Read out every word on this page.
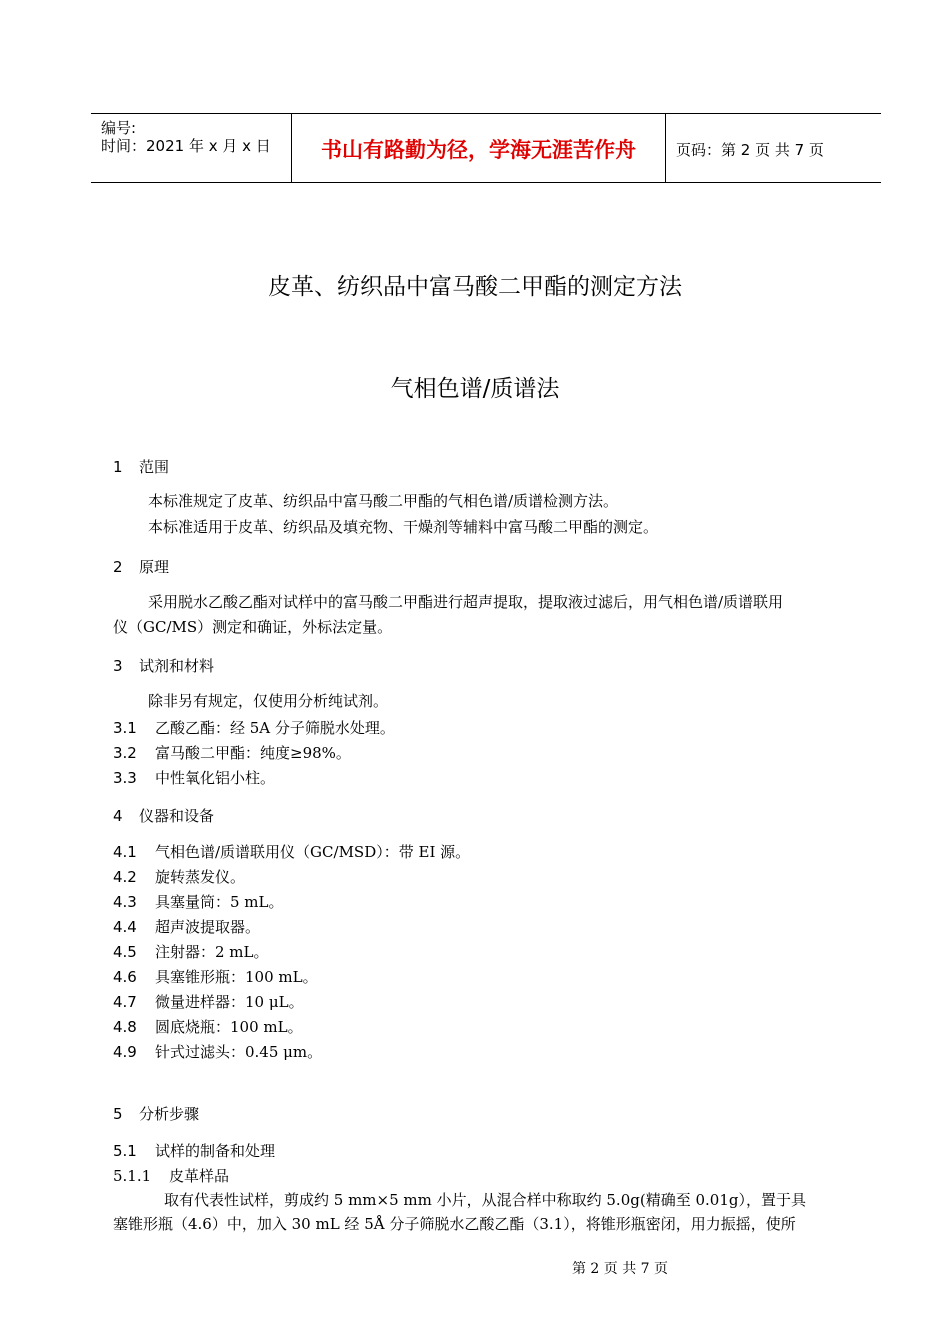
编号:
时间：2021 年 x 月 x 日	书山有路勤为径，学海无涯苦作舟	页码：第 2 页 共 7 页
皮革、纺织品中富马酸二甲酯的测定方法
气相色谱/质谱法
1 范围
本标准规定了皮革、纺织品中富马酸二甲酯的气相色谱/质谱检测方法。
本标准适用于皮革、纺织品及填充物、干燥剂等辅料中富马酸二甲酯的测定。
2 原理
采用脱水乙酸乙酯对试样中的富马酸二甲酯进行超声提取，提取液过滤后，用气相色谱/质谱联用
仪（GC/MS）测定和确证，外标法定量。
3 试剂和材料
除非另有规定，仅使用分析纯试剂。
3.1 乙酸乙酯：经 5A 分子筛脱水处理。
3.2 富马酸二甲酯：纯度≥98%。
3.3 中性氧化铝小柱。
4 仪器和设备
4.1 气相色谱/质谱联用仪（GC/MSD）：带 EI 源。
4.2 旋转蒸发仪。
4.3 具塞量筒：5 mL。
4.4 超声波提取器。
4.5 注射器：2 mL。
4.6 具塞锥形瓶：100 mL。
4.7 微量进样器：10 μL。
4.8 圆底烧瓶：100 mL。
4.9 针式过滤头：0.45 μm。
5 分析步骤
5.1 试样的制备和处理
5.1.1 皮革样品
取有代表性试样，剪成约 5 mm×5 mm 小片，从混合样中称取约 5.0g(精确至 0.01g），置于具
塞锥形瓶（4.6）中，加入 30 mL 经 5Å 分子筛脱水乙酸乙酯（3.1），将锥形瓶密闭，用力振摇，使所
第 2 页 共 7 页
